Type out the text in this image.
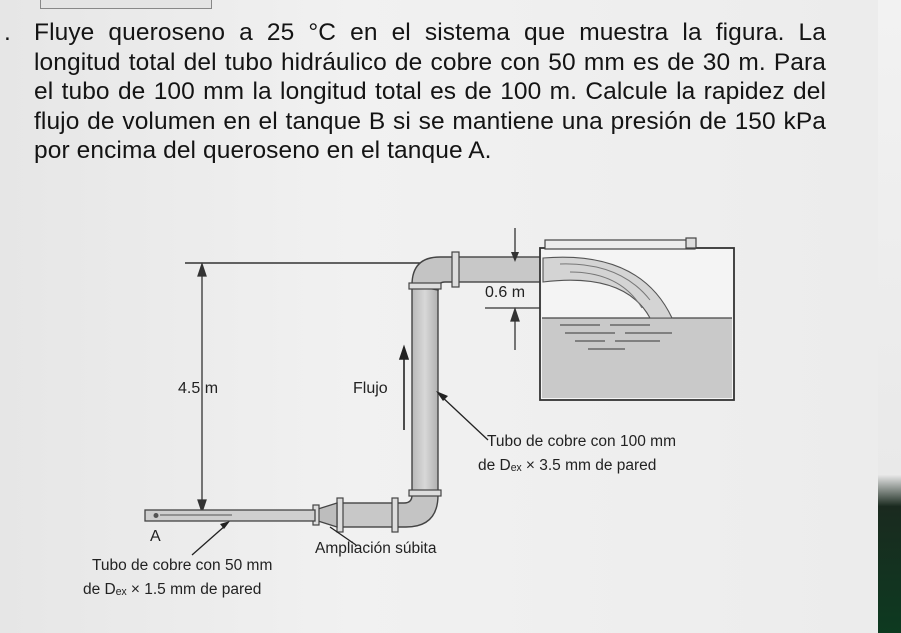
. Fluye queroseno a 25 °C en el sistema que muestra la figura. La longitud total del tubo hidráulico de cobre con 50 mm es de 30 m. Para el tubo de 100 mm la longitud total es de 100 m. Calcule la rapidez del flujo de volumen en el tanque B si se mantiene una presión de 150 kPa por encima del queroseno en el tanque A.
0.6 m
4.5 m	Flujo
A
Tubo de cobre con 100 mm
de Dₑₓ × 3.5 mm de pared
Ampliación súbita
Tubo de cobre con 50 mm
de Dₑₓ × 1.5 mm de pared
